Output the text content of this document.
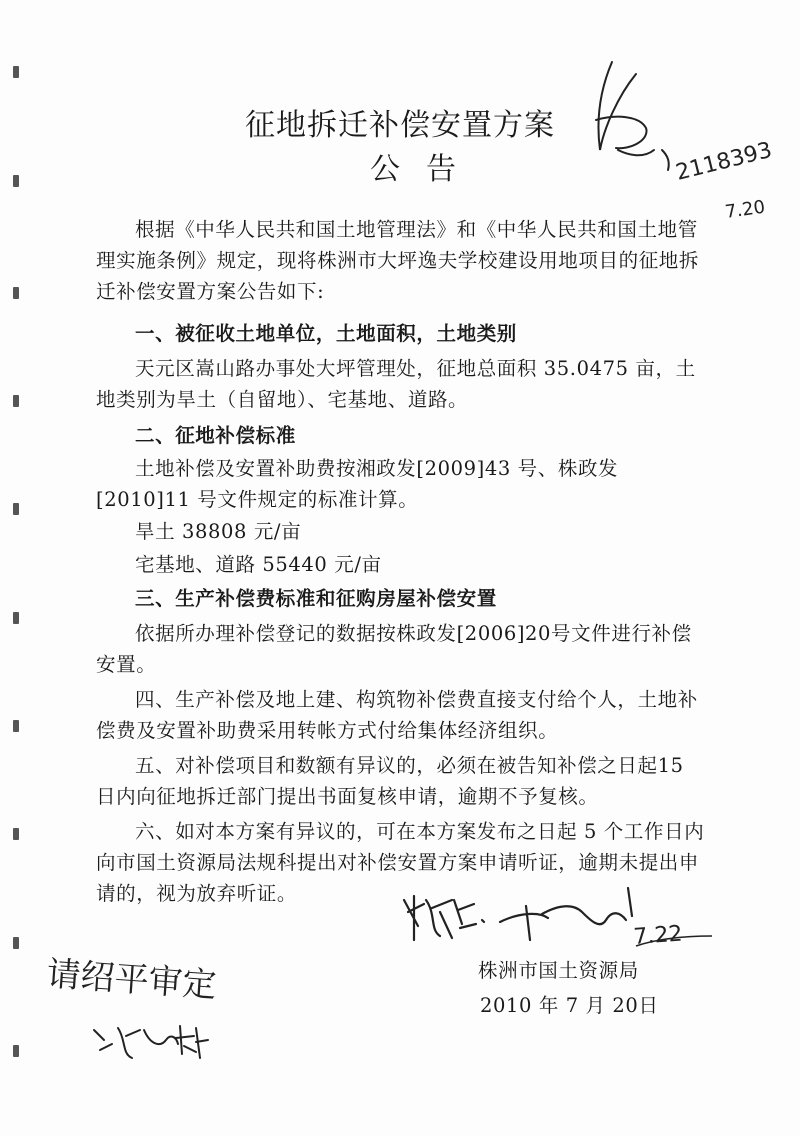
征地拆迁补偿安置方案
公告

根据《中华人民共和国土地管理法》和《中华人民共和国土地管理实施条例》规定，现将株洲市大坪逸夫学校建设用地项目的征地拆迁补偿安置方案公告如下:

一、被征收土地单位，土地面积，土地类别

天元区嵩山路办事处大坪管理处，征地总面积 35.0475 亩，土地类别为旱土（自留地）、宅基地、道路。

二、征地补偿标准

土地补偿及安置补助费按湘政发[2009]43 号、株政发[2010]11 号文件规定的标准计算。

旱土 38808 元/亩

宅基地、道路 55440 元/亩

三、生产补偿费标准和征购房屋补偿安置

依据所办理补偿登记的数据按株政发[2006]20号文件进行补偿安置。

四、生产补偿及地上建、构筑物补偿费直接支付给个人，土地补偿费及安置补助费采用转帐方式付给集体经济组织。

五、对补偿项目和数额有异议的，必须在被告知补偿之日起15 日内向征地拆迁部门提出书面复核申请，逾期不予复核。

六、如对本方案有异议的，可在本方案发布之日起 5 个工作日内向市国土资源局法规科提出对补偿安置方案申请听证，逾期未提出申请的，视为放弃听证。

株洲市国土资源局
2010 年 7 月 20日
2118393
7.20
7.22
请绍平审定
